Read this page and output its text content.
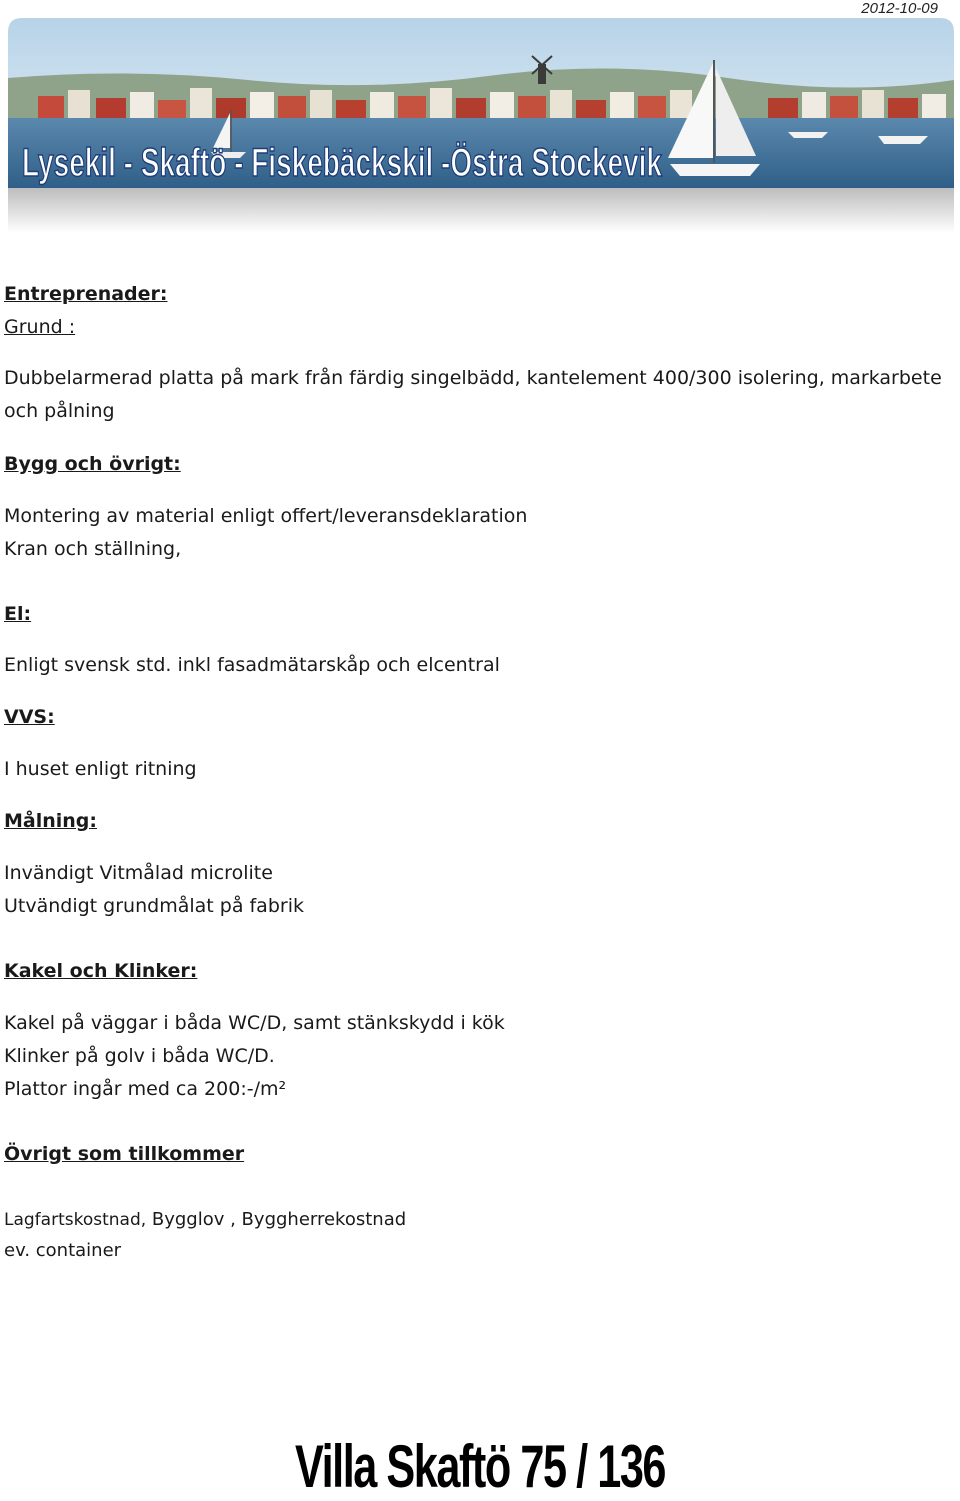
2012-10-09
Lysekil - Skaftö - Fiskebäckskil -Östra Stockevik
Entreprenader:
Grund :
Dubbelarmerad platta på mark från färdig singelbädd, kantelement 400/300 isolering, markarbete och pålning
Bygg och övrigt:
Montering av material enligt offert/leveransdeklaration
Kran och ställning,
El:
Enligt svensk std. inkl fasadmätarskåp och elcentral
VVS:
I huset enligt ritning
Målning:
Invändigt Vitmålad microlite
Utvändigt grundmålat på fabrik
Kakel och Klinker:
Kakel på väggar i båda WC/D, samt stänkskydd i kök
Klinker på golv i båda WC/D.
Plattor ingår med ca 200:-/m²
Övrigt som tillkommer
Lagfartskostnad, Bygglov , Byggherrekostnad
ev. container
Villa Skaftö 75 / 136
